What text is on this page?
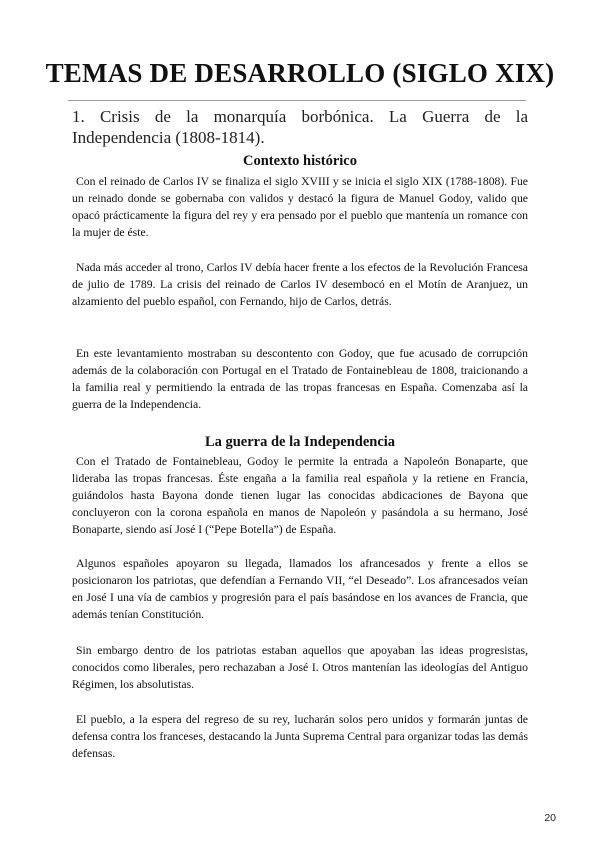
TEMAS DE DESARROLLO (SIGLO XIX)
1. Crisis de la monarquía borbónica. La Guerra de la Independencia (1808-1814).
Contexto histórico

Con el reinado de Carlos IV se finaliza el siglo XVIII y se inicia el siglo XIX (1788-1808). Fue un reinado donde se gobernaba con validos y destacó la figura de Manuel Godoy, valido que opacó prácticamente la figura del rey y era pensado por el pueblo que mantenía un romance con la mujer de éste.

Nada más acceder al trono, Carlos IV debía hacer frente a los efectos de la Revolución Francesa de julio de 1789. La crisis del reinado de Carlos IV desembocó en el Motín de Aranjuez, un alzamiento del pueblo español, con Fernando, hijo de Carlos, detrás.

En este levantamiento mostraban su descontento con Godoy, que fue acusado de corrupción además de la colaboración con Portugal en el Tratado de Fontainebleau de 1808, traicionando a la familia real y permitiendo la entrada de las tropas francesas en España. Comenzaba así la guerra de la Independencia.

La guerra de la Independencia

Con el Tratado de Fontainebleau, Godoy le permite la entrada a Napoleón Bonaparte, que lideraba las tropas francesas. Éste engaña a la familia real española y la retiene en Francia, guiándolos hasta Bayona donde tienen lugar las conocidas abdicaciones de Bayona que concluyeron con la corona española en manos de Napoleón y pasándola a su hermano, José Bonaparte, siendo así José I (“Pepe Botella”) de España.

Algunos españoles apoyaron su llegada, llamados los afrancesados y frente a ellos se posicionaron los patriotas, que defendían a Fernando VII, “el Deseado”. Los afrancesados veían en José I una vía de cambios y progresión para el país basándose en los avances de Francia, que además tenían Constitución.

Sin embargo dentro de los patriotas estaban aquellos que apoyaban las ideas progresistas, conocidos como liberales, pero rechazaban a José I. Otros mantenían las ideologías del Antiguo Régimen, los absolutistas.

El pueblo, a la espera del regreso de su rey, lucharán solos pero unidos y formarán juntas de defensa contra los franceses, destacando la Junta Suprema Central para organizar todas las demás defensas.

20
